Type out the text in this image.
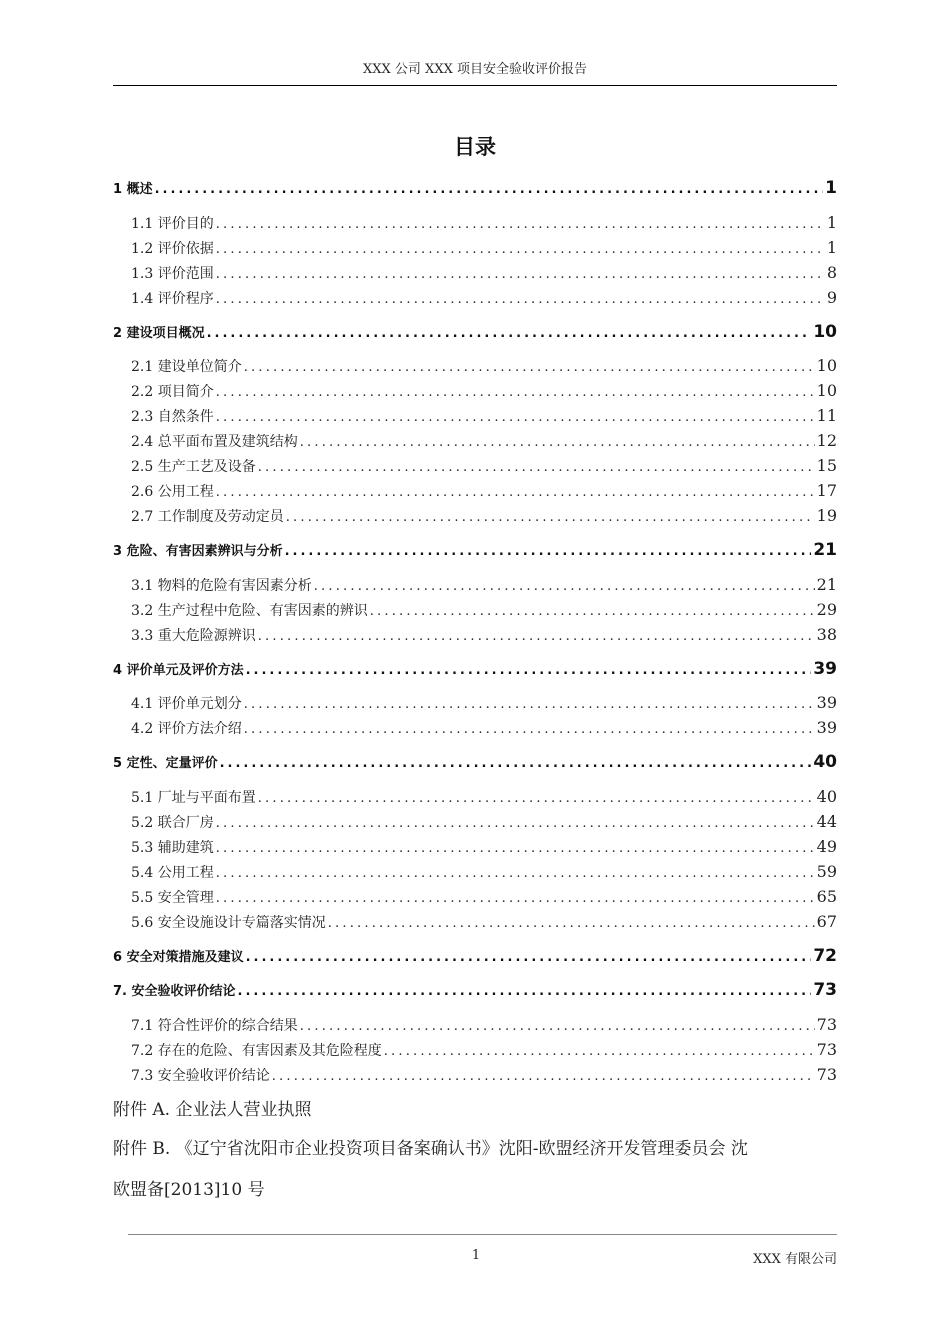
XXX 公司 XXX 项目安全验收评价报告
目录
1 概述 .....	1
1.1 评价目的 .....	1
1.2 评价依据 .....	1
1.3 评价范围 .....	8
1.4 评价程序 .....	9
2 建设项目概况 .....	10
2.1 建设单位简介 .....	10
2.2 项目简介 .....	10
2.3 自然条件 .....	11
2.4 总平面布置及建筑结构 .....	12
2.5 生产工艺及设备 .....	15
2.6 公用工程 .....	17
2.7 工作制度及劳动定员 .....	19
3 危险、有害因素辨识与分析 .....	21
3.1 物料的危险有害因素分析 .....	21
3.2 生产过程中危险、有害因素的辨识 .....	29
3.3 重大危险源辨识 .....	38
4 评价单元及评价方法 .....	39
4.1 评价单元划分 .....	39
4.2 评价方法介绍 .....	39
5 定性、定量评价 .....	40
5.1 厂址与平面布置 .....	40
5.2 联合厂房 .....	44
5.3 辅助建筑 .....	49
5.4 公用工程 .....	59
5.5 安全管理 .....	65
5.6 安全设施设计专篇落实情况 .....	67
6 安全对策措施及建议 .....	72
7. 安全验收评价结论 .....	73
7.1 符合性评价的综合结果 .....	73
7.2 存在的危险、有害因素及其危险程度 .....	73
7.3 安全验收评价结论 .....	73
附件 A. 企业法人营业执照
附件 B. 《辽宁省沈阳市企业投资项目备案确认书》沈阳-欧盟经济开发管理委员会 沈
欧盟备[2013]10 号
1	XXX 有限公司
